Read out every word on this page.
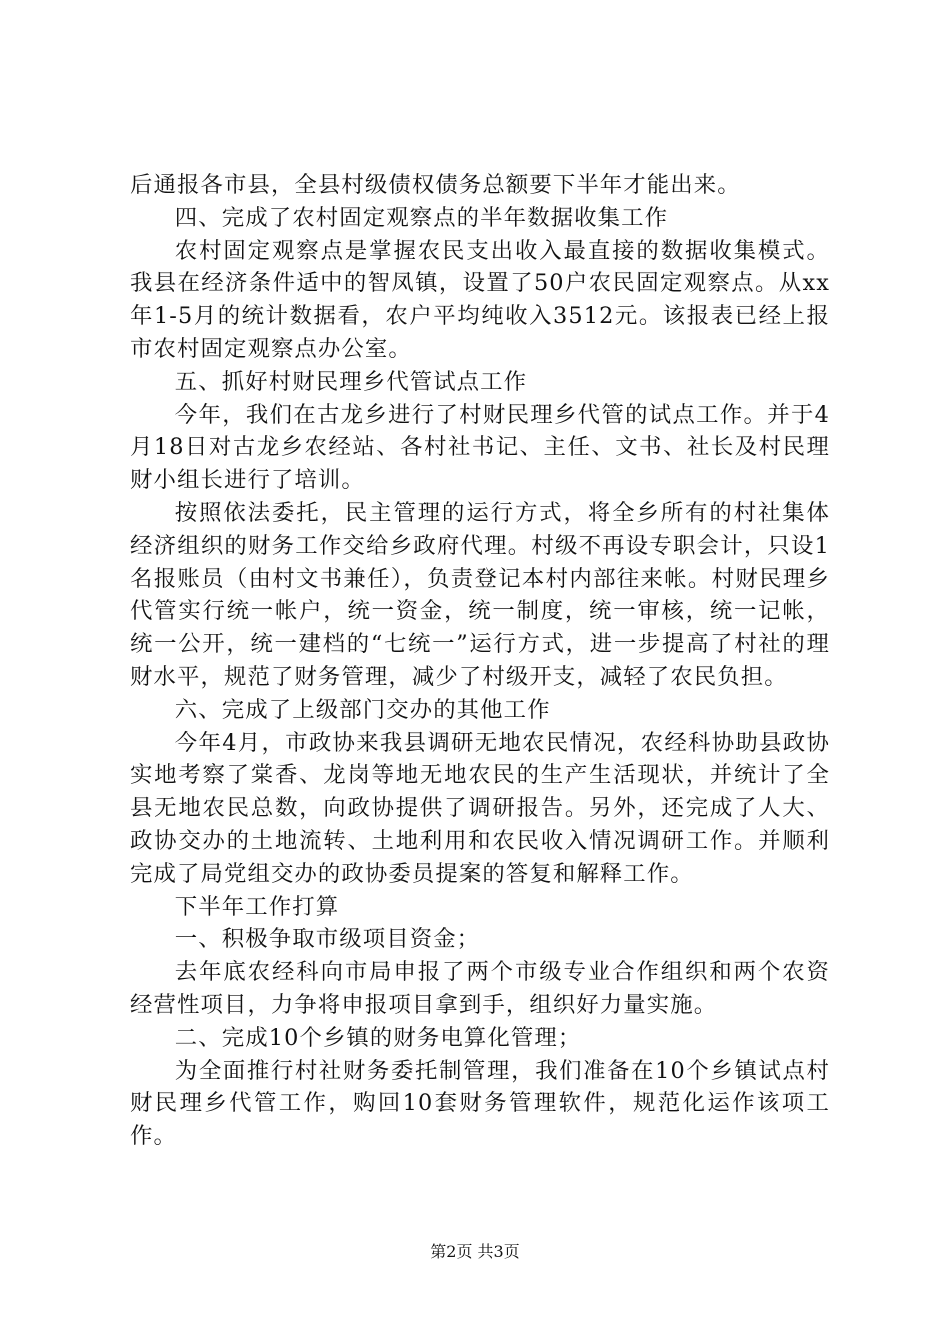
后通报各市县，全县村级债权债务总额要下半年才能出来。

四、完成了农村固定观察点的半年数据收集工作

农村固定观察点是掌握农民支出收入最直接的数据收集模式。我县在经济条件适中的智凤镇，设置了50户农民固定观察点。从xx年1-5月的统计数据看，农户平均纯收入3512元。该报表已经上报市农村固定观察点办公室。

五、抓好村财民理乡代管试点工作

今年，我们在古龙乡进行了村财民理乡代管的试点工作。并于4月18日对古龙乡农经站、各村社书记、主任、文书、社长及村民理财小组长进行了培训。

按照依法委托，民主管理的运行方式，将全乡所有的村社集体经济组织的财务工作交给乡政府代理。村级不再设专职会计，只设1名报账员（由村文书兼任），负责登记本村内部往来帐。村财民理乡代管实行统一帐户，统一资金，统一制度，统一审核，统一记帐，统一公开，统一建档的“七统一”运行方式，进一步提高了村社的理财水平，规范了财务管理，减少了村级开支，减轻了农民负担。

六、完成了上级部门交办的其他工作

今年4月，市政协来我县调研无地农民情况，农经科协助县政协实地考察了棠香、龙岗等地无地农民的生产生活现状，并统计了全县无地农民总数，向政协提供了调研报告。另外，还完成了人大、政协交办的土地流转、土地利用和农民收入情况调研工作。并顺利完成了局党组交办的政协委员提案的答复和解释工作。

下半年工作打算

一、积极争取市级项目资金；

去年底农经科向市局申报了两个市级专业合作组织和两个农资经营性项目，力争将申报项目拿到手，组织好力量实施。

二、完成10个乡镇的财务电算化管理；

为全面推行村社财务委托制管理，我们准备在10个乡镇试点村财民理乡代管工作，购回10套财务管理软件，规范化运作该项工作。

第2页 共3页
